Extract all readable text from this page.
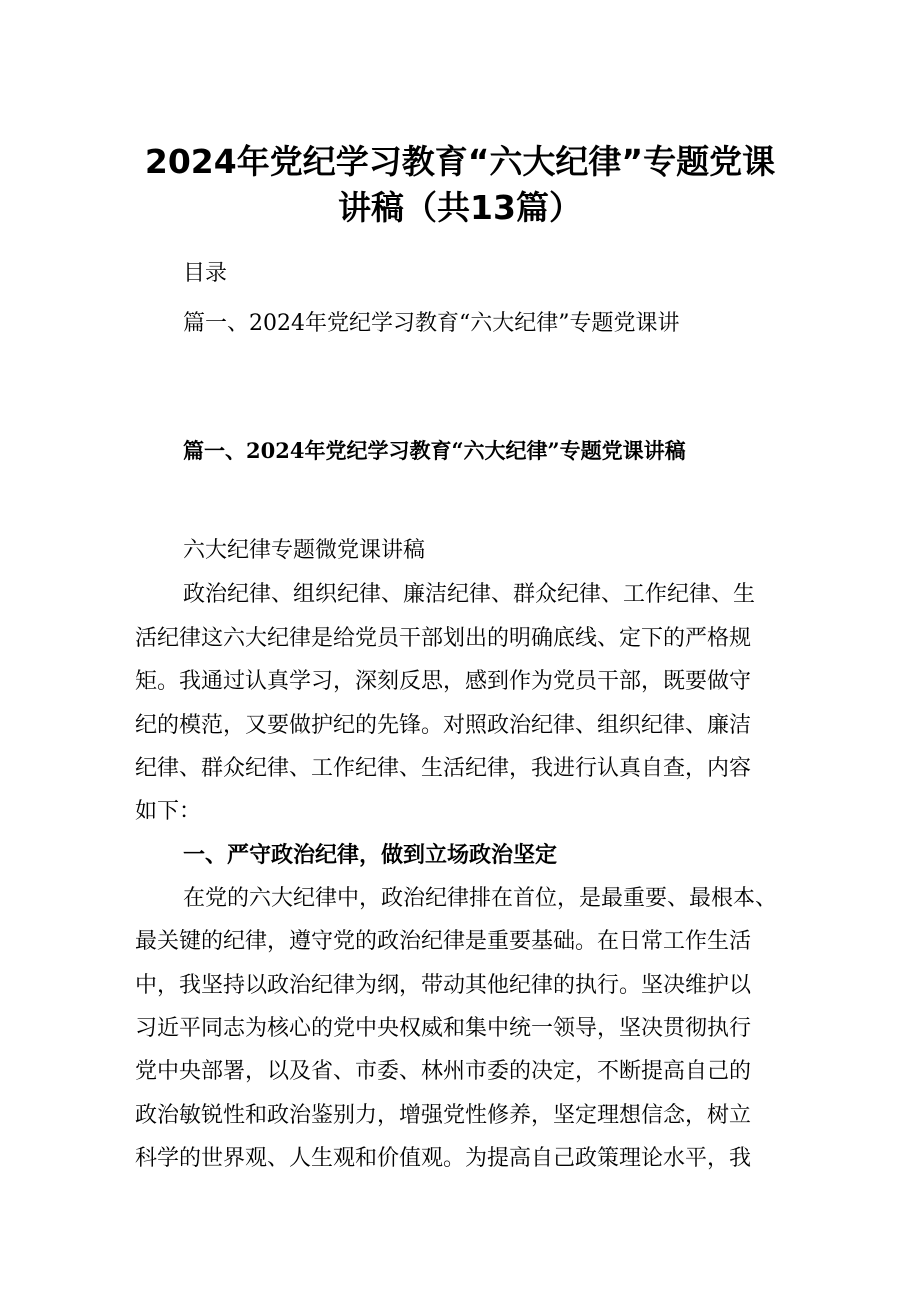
2024年党纪学习教育“六大纪律”专题党课
讲稿（共13篇）
目录
篇一、2024年党纪学习教育“六大纪律”专题党课讲
篇一、2024年党纪学习教育“六大纪律”专题党课讲稿
六大纪律专题微党课讲稿
政治纪律、组织纪律、廉洁纪律、群众纪律、工作纪律、生
活纪律这六大纪律是给党员干部划出的明确底线、定下的严格规
矩。我通过认真学习，深刻反思，感到作为党员干部，既要做守
纪的模范，又要做护纪的先锋。对照政治纪律、组织纪律、廉洁
纪律、群众纪律、工作纪律、生活纪律，我进行认真自查，内容
如下：
一、严守政治纪律，做到立场政治坚定
在党的六大纪律中，政治纪律排在首位，是最重要、最根本、
最关键的纪律，遵守党的政治纪律是重要基础。在日常工作生活
中，我坚持以政治纪律为纲，带动其他纪律的执行。坚决维护以
习近平同志为核心的党中央权威和集中统一领导，坚决贯彻执行
党中央部署，以及省、市委、林州市委的决定，不断提高自己的
政治敏锐性和政治鉴别力，增强党性修养，坚定理想信念，树立
科学的世界观、人生观和价值观。为提高自己政策理论水平，我
